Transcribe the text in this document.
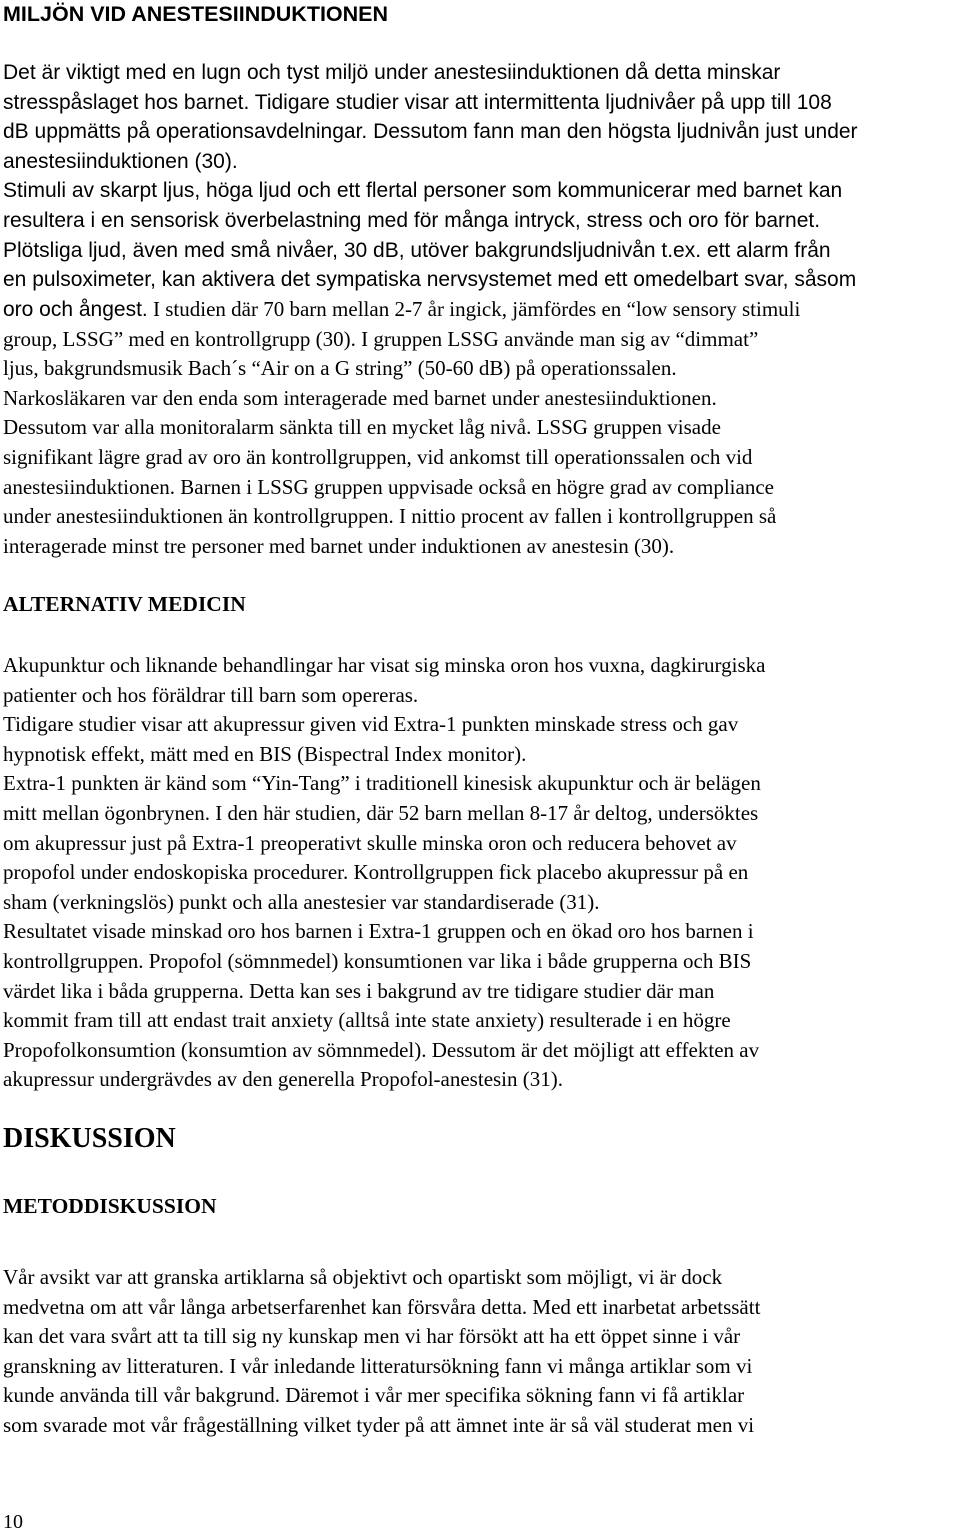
MILJÖN VID ANESTESIINDUKTIONEN
Det är viktigt med en lugn och tyst miljö under anestesiinduktionen då detta minskar
stresspåslaget hos barnet. Tidigare studier visar att intermittenta ljudnivåer på upp till 108
dB uppmätts på operationsavdelningar. Dessutom fann man den högsta ljudnivån just under
anestesiinduktionen (30).
Stimuli av skarpt ljus, höga ljud och ett flertal personer som kommunicerar med barnet kan
resultera i en sensorisk överbelastning med för många intryck, stress och oro för barnet.
Plötsliga ljud, även med små nivåer, 30 dB, utöver bakgrundsljudnivån t.ex. ett alarm från
en pulsoximeter, kan aktivera det sympatiska nervsystemet med ett omedelbart svar, såsom
oro och ångest. I studien där 70 barn mellan 2-7 år ingick, jämfördes en “low sensory stimuli
group, LSSG” med en kontrollgrupp (30). I gruppen LSSG använde man sig av “dimmat”
ljus, bakgrundsmusik Bach´s “Air on a G string” (50-60 dB) på operationssalen.
Narkosläkaren var den enda som interagerade med barnet under anestesiinduktionen.
Dessutom var alla monitoralarm sänkta till en mycket låg nivå. LSSG gruppen visade
signifikant lägre grad av oro än kontrollgruppen, vid ankomst till operationssalen och vid
anestesiinduktionen. Barnen i LSSG gruppen uppvisade också en högre grad av compliance
under anestesiinduktionen än kontrollgruppen. I nittio procent av fallen i kontrollgruppen så
interagerade minst tre personer med barnet under induktionen av anestesin (30).
ALTERNATIV MEDICIN
Akupunktur och liknande behandlingar har visat sig minska oron hos vuxna, dagkirurgiska
patienter och hos föräldrar till barn som opereras.
Tidigare studier visar att akupressur given vid Extra-1 punkten minskade stress och gav
hypnotisk effekt, mätt med en BIS (Bispectral Index monitor).
Extra-1 punkten är känd som “Yin-Tang” i traditionell kinesisk akupunktur och är belägen
mitt mellan ögonbrynen. I den här studien, där 52 barn mellan 8-17 år deltog, undersöktes
om akupressur just på Extra-1 preoperativt skulle minska oron och reducera behovet av
propofol under endoskopiska procedurer. Kontrollgruppen fick placebo akupressur på en
sham (verkningslös) punkt och alla anestesier var standardiserade (31).
Resultatet visade minskad oro hos barnen i Extra-1 gruppen och en ökad oro hos barnen i
kontrollgruppen. Propofol (sömnmedel) konsumtionen var lika i både grupperna och BIS
värdet lika i båda grupperna. Detta kan ses i bakgrund av tre tidigare studier där man
kommit fram till att endast trait anxiety (alltså inte state anxiety) resulterade i en högre
Propofolkonsumtion (konsumtion av sömnmedel). Dessutom är det möjligt att effekten av
akupressur undergrävdes av den generella Propofol-anestesin (31).
DISKUSSION
METODDISKUSSION
Vår avsikt var att granska artiklarna så objektivt och opartiskt som möjligt, vi är dock
medvetna om att vår långa arbetserfarenhet kan försvåra detta. Med ett inarbetat arbetssätt
kan det vara svårt att ta till sig ny kunskap men vi har försökt att ha ett öppet sinne i vår
granskning av litteraturen. I vår inledande litteratursökning fann vi många artiklar som vi
kunde använda till vår bakgrund. Däremot i vår mer specifika sökning fann vi få artiklar
som svarade mot vår frågeställning vilket tyder på att ämnet inte är så väl studerat men vi
10
